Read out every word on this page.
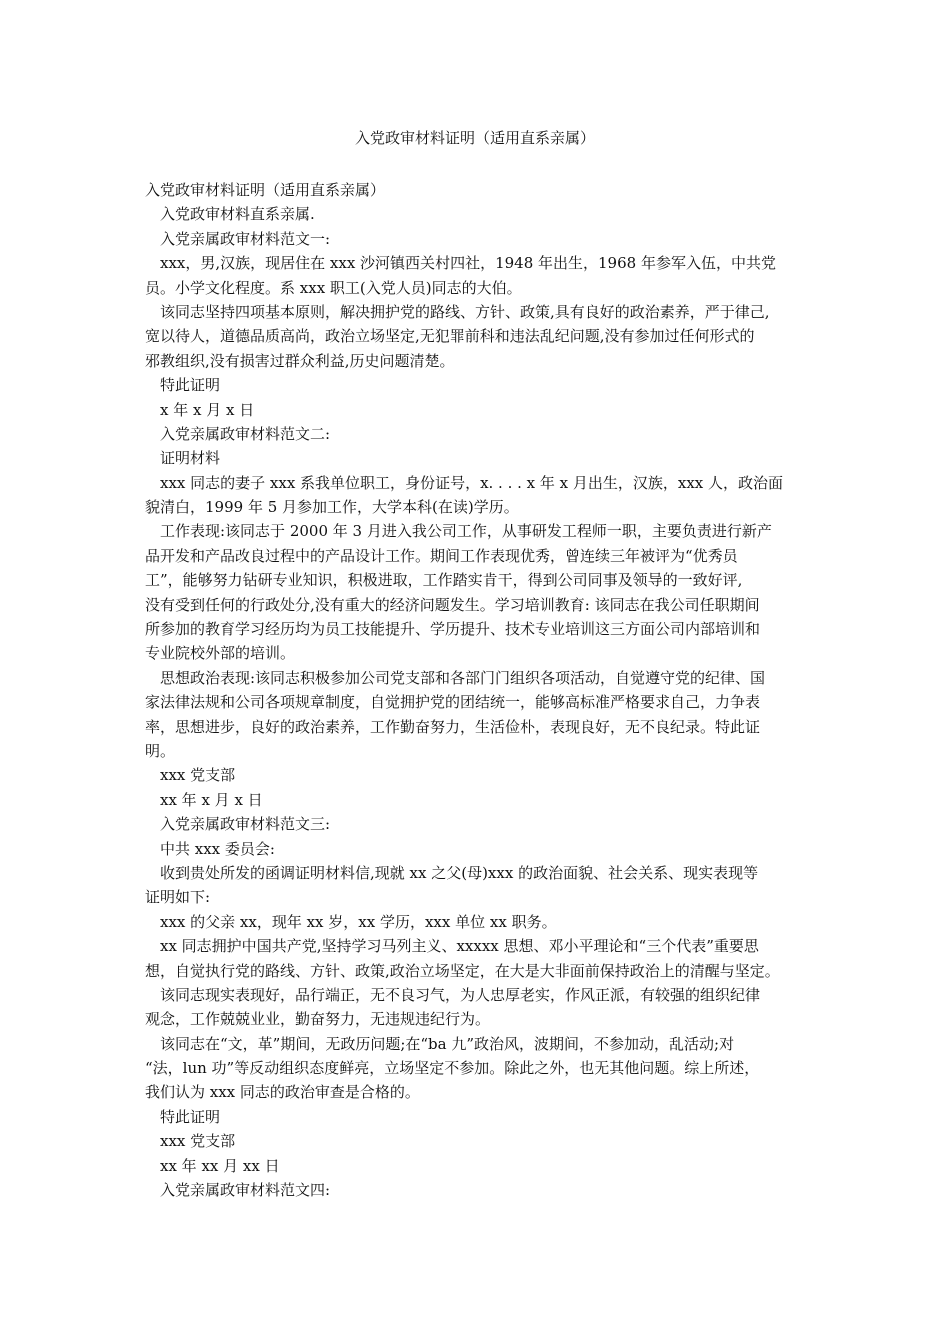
入党政审材料证明（适用直系亲属）
入党政审材料证明（适用直系亲属）
入党政审材料直系亲属.
入党亲属政审材料范文一:
xxx，男,汉族，现居住在 xxx 沙河镇西关村四社，1948 年出生，1968 年参军入伍，中共党
员。小学文化程度。系 xxx 职工(入党人员)同志的大伯。
该同志坚持四项基本原则，解决拥护党的路线、方针、政策,具有良好的政治素养，严于律己,
宽以待人，道德品质高尚，政治立场坚定,无犯罪前科和违法乱纪问题,没有参加过任何形式的
邪教组织,没有损害过群众利益,历史问题清楚。
特此证明
x 年 x 月 x 日
入党亲属政审材料范文二:
证明材料
xxx 同志的妻子 xxx 系我单位职工，身份证号，x. . . . x 年 x 月出生，汉族，xxx 人，政治面
貌清白，1999 年 5 月参加工作，大学本科(在读)学历。
工作表现:该同志于 2000 年 3 月进入我公司工作，从事研发工程师一职，主要负责进行新产
品开发和产品改良过程中的产品设计工作。期间工作表现优秀，曾连续三年被评为“优秀员
工”，能够努力钻研专业知识，积极进取，工作踏实肯干，得到公司同事及领导的一致好评,
没有受到任何的行政处分,没有重大的经济问题发生。学习培训教育: 该同志在我公司任职期间
所参加的教育学习经历均为员工技能提升、学历提升、技术专业培训这三方面公司内部培训和
专业院校外部的培训。
思想政治表现:该同志积极参加公司党支部和各部门门组织各项活动，自觉遵守党的纪律、国
家法律法规和公司各项规章制度，自觉拥护党的团结统一，能够高标准严格要求自己，力争表
率，思想进步，良好的政治素养，工作勤奋努力，生活俭朴，表现良好，无不良纪录。特此证
明。
xxx 党支部
xx 年 x 月 x 日
入党亲属政审材料范文三:
中共 xxx 委员会:
收到贵处所发的函调证明材料信,现就 xx 之父(母)xxx 的政治面貌、社会关系、现实表现等
证明如下:
xxx 的父亲 xx，现年 xx 岁，xx 学历，xxx 单位 xx 职务。
xx 同志拥护中国共产党,坚持学习马列主义、xxxxx 思想、邓小平理论和“三个代表”重要思
想，自觉执行党的路线、方针、政策,政治立场坚定，在大是大非面前保持政治上的清醒与坚定。
该同志现实表现好，品行端正，无不良习气，为人忠厚老实，作风正派，有较强的组织纪律
观念，工作兢兢业业，勤奋努力，无违规违纪行为。
该同志在“文，革”期间，无政历问题;在“ba 九”政治风，波期间，不参加动，乱活动;对
“法，lun 功”等反动组织态度鲜亮，立场坚定不参加。除此之外，也无其他问题。综上所述，
我们认为 xxx 同志的政治审查是合格的。
特此证明
xxx 党支部
xx 年 xx 月 xx 日
入党亲属政审材料范文四:
